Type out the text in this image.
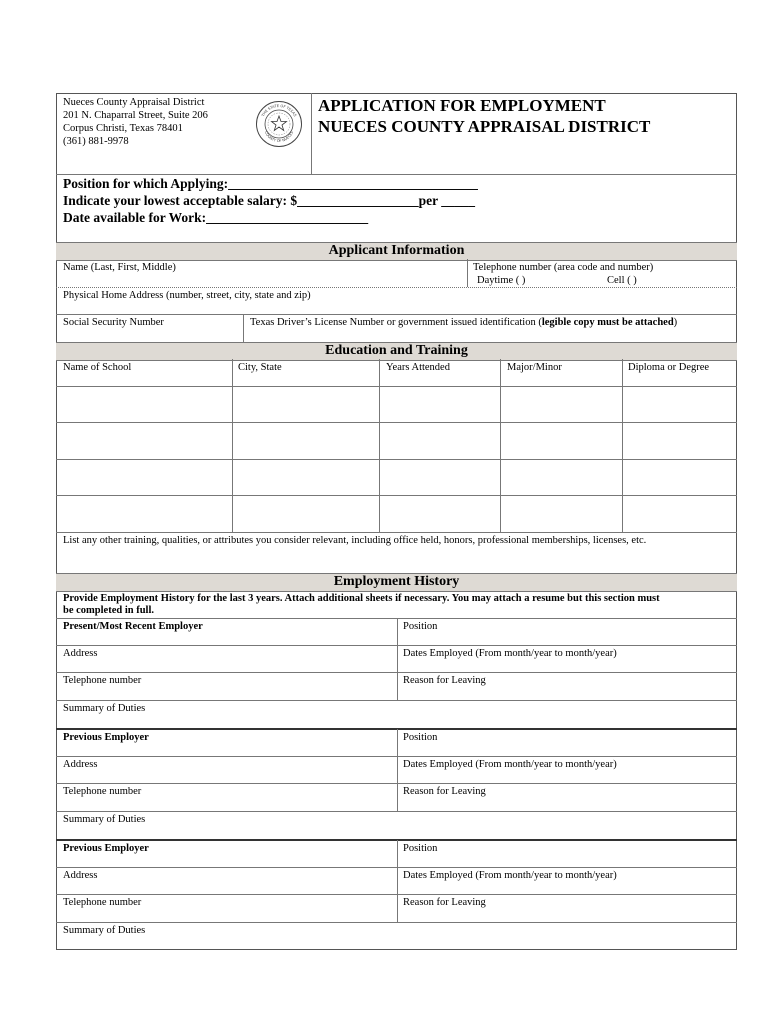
Nueces County Appraisal District
201 N. Chaparral Street, Suite 206
Corpus Christi, Texas 78401
(361) 881-9978
THE STATE OF TEXAS
COUNTY OF NUECES
APPLICATION FOR EMPLOYMENT
NUECES COUNTY APPRAISAL DISTRICT
Position for which Applying:_____________________________________
Indicate your lowest acceptable salary: $__________________per _____
Date available for Work:________________________
Applicant Information
Name (Last, First, Middle)	Telephone number (area code and number)
Daytime ( )	Cell ( )
Physical Home Address (number, street, city, state and zip)
Social Security Number	Texas Driver’s License Number or government issued identification (legible copy must be attached)
Education and Training
Name of School	City, State	Years Attended	Major/Minor	Diploma or Degree
List any other training, qualities, or attributes you consider relevant, including office held, honors, professional memberships, licenses, etc.
Employment History
Provide Employment History for the last 3 years. Attach additional sheets if necessary. You may attach a resume but this section must
be completed in full.
Present/Most Recent Employer	Position
Address	Dates Employed (From month/year to month/year)
Telephone number	Reason for Leaving
Summary of Duties
Previous Employer	Position
Address	Dates Employed (From month/year to month/year)
Telephone number	Reason for Leaving
Summary of Duties
Previous Employer	Position
Address	Dates Employed (From month/year to month/year)
Telephone number	Reason for Leaving
Summary of Duties
